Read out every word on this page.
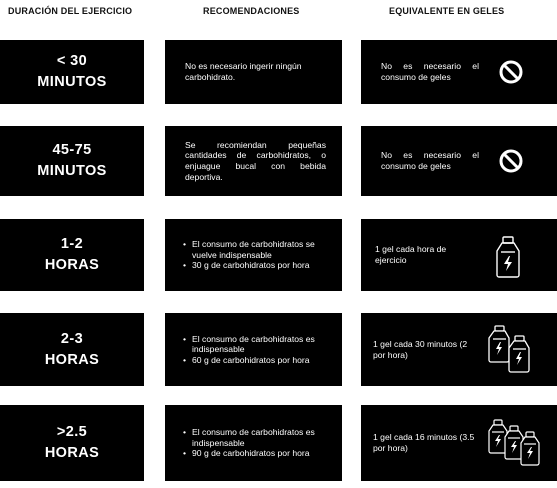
DURACIÓN DEL EJERCICIO	RECOMENDACIONES	EQUIVALENTE EN GELES
< 30
MINUTOS

No es necesario ingerir ningún carbohidrato.

No es necesario el consumo de geles
45-75
MINUTOS

Se recomiendan pequeñas cantidades de carbohidratos, o enjuague bucal con bebida deportiva.

No es necesario el consumo de geles
1-2
HORAS
• El consumo de carbohidratos se vuelve indispensable
• 30 g de carbohidratos por hora
1 gel cada hora de ejercicio
2-3
HORAS
• El consumo de carbohidratos es indispensable
• 60 g de carbohidratos por hora
1 gel cada 30 minutos (2 por hora)
>2.5
HORAS
• El consumo de carbohidratos es indispensable
• 90 g de carbohidratos por hora
1 gel cada 16 minutos (3.5 por hora)
